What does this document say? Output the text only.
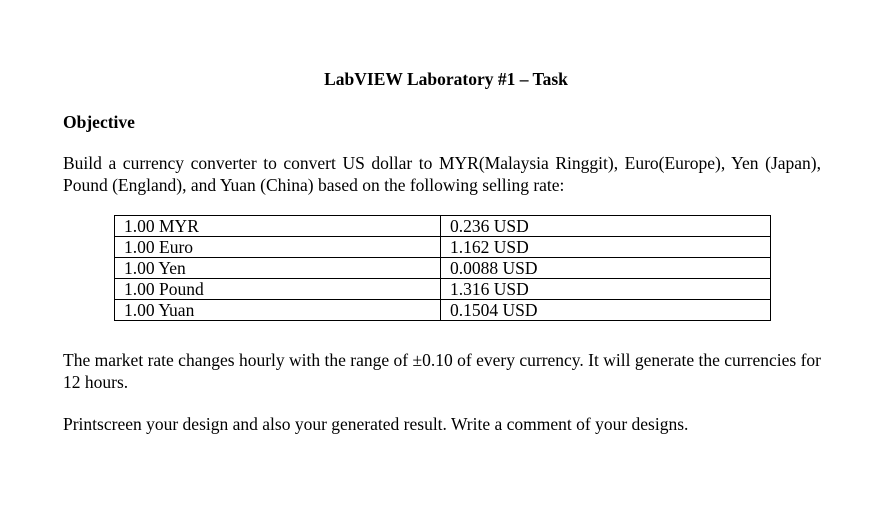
LabVIEW Laboratory #1 – Task
Objective
Build a currency converter to convert US dollar to MYR(Malaysia Ringgit), Euro(Europe), Yen (Japan), Pound (England), and Yuan (China) based on the following selling rate:
1.00 MYR	0.236 USD
1.00 Euro	1.162 USD
1.00 Yen	0.0088 USD
1.00 Pound	1.316 USD
1.00 Yuan	0.1504 USD
The market rate changes hourly with the range of ±0.10 of every currency. It will generate the currencies for 12 hours.
Printscreen your design and also your generated result. Write a comment of your designs.
